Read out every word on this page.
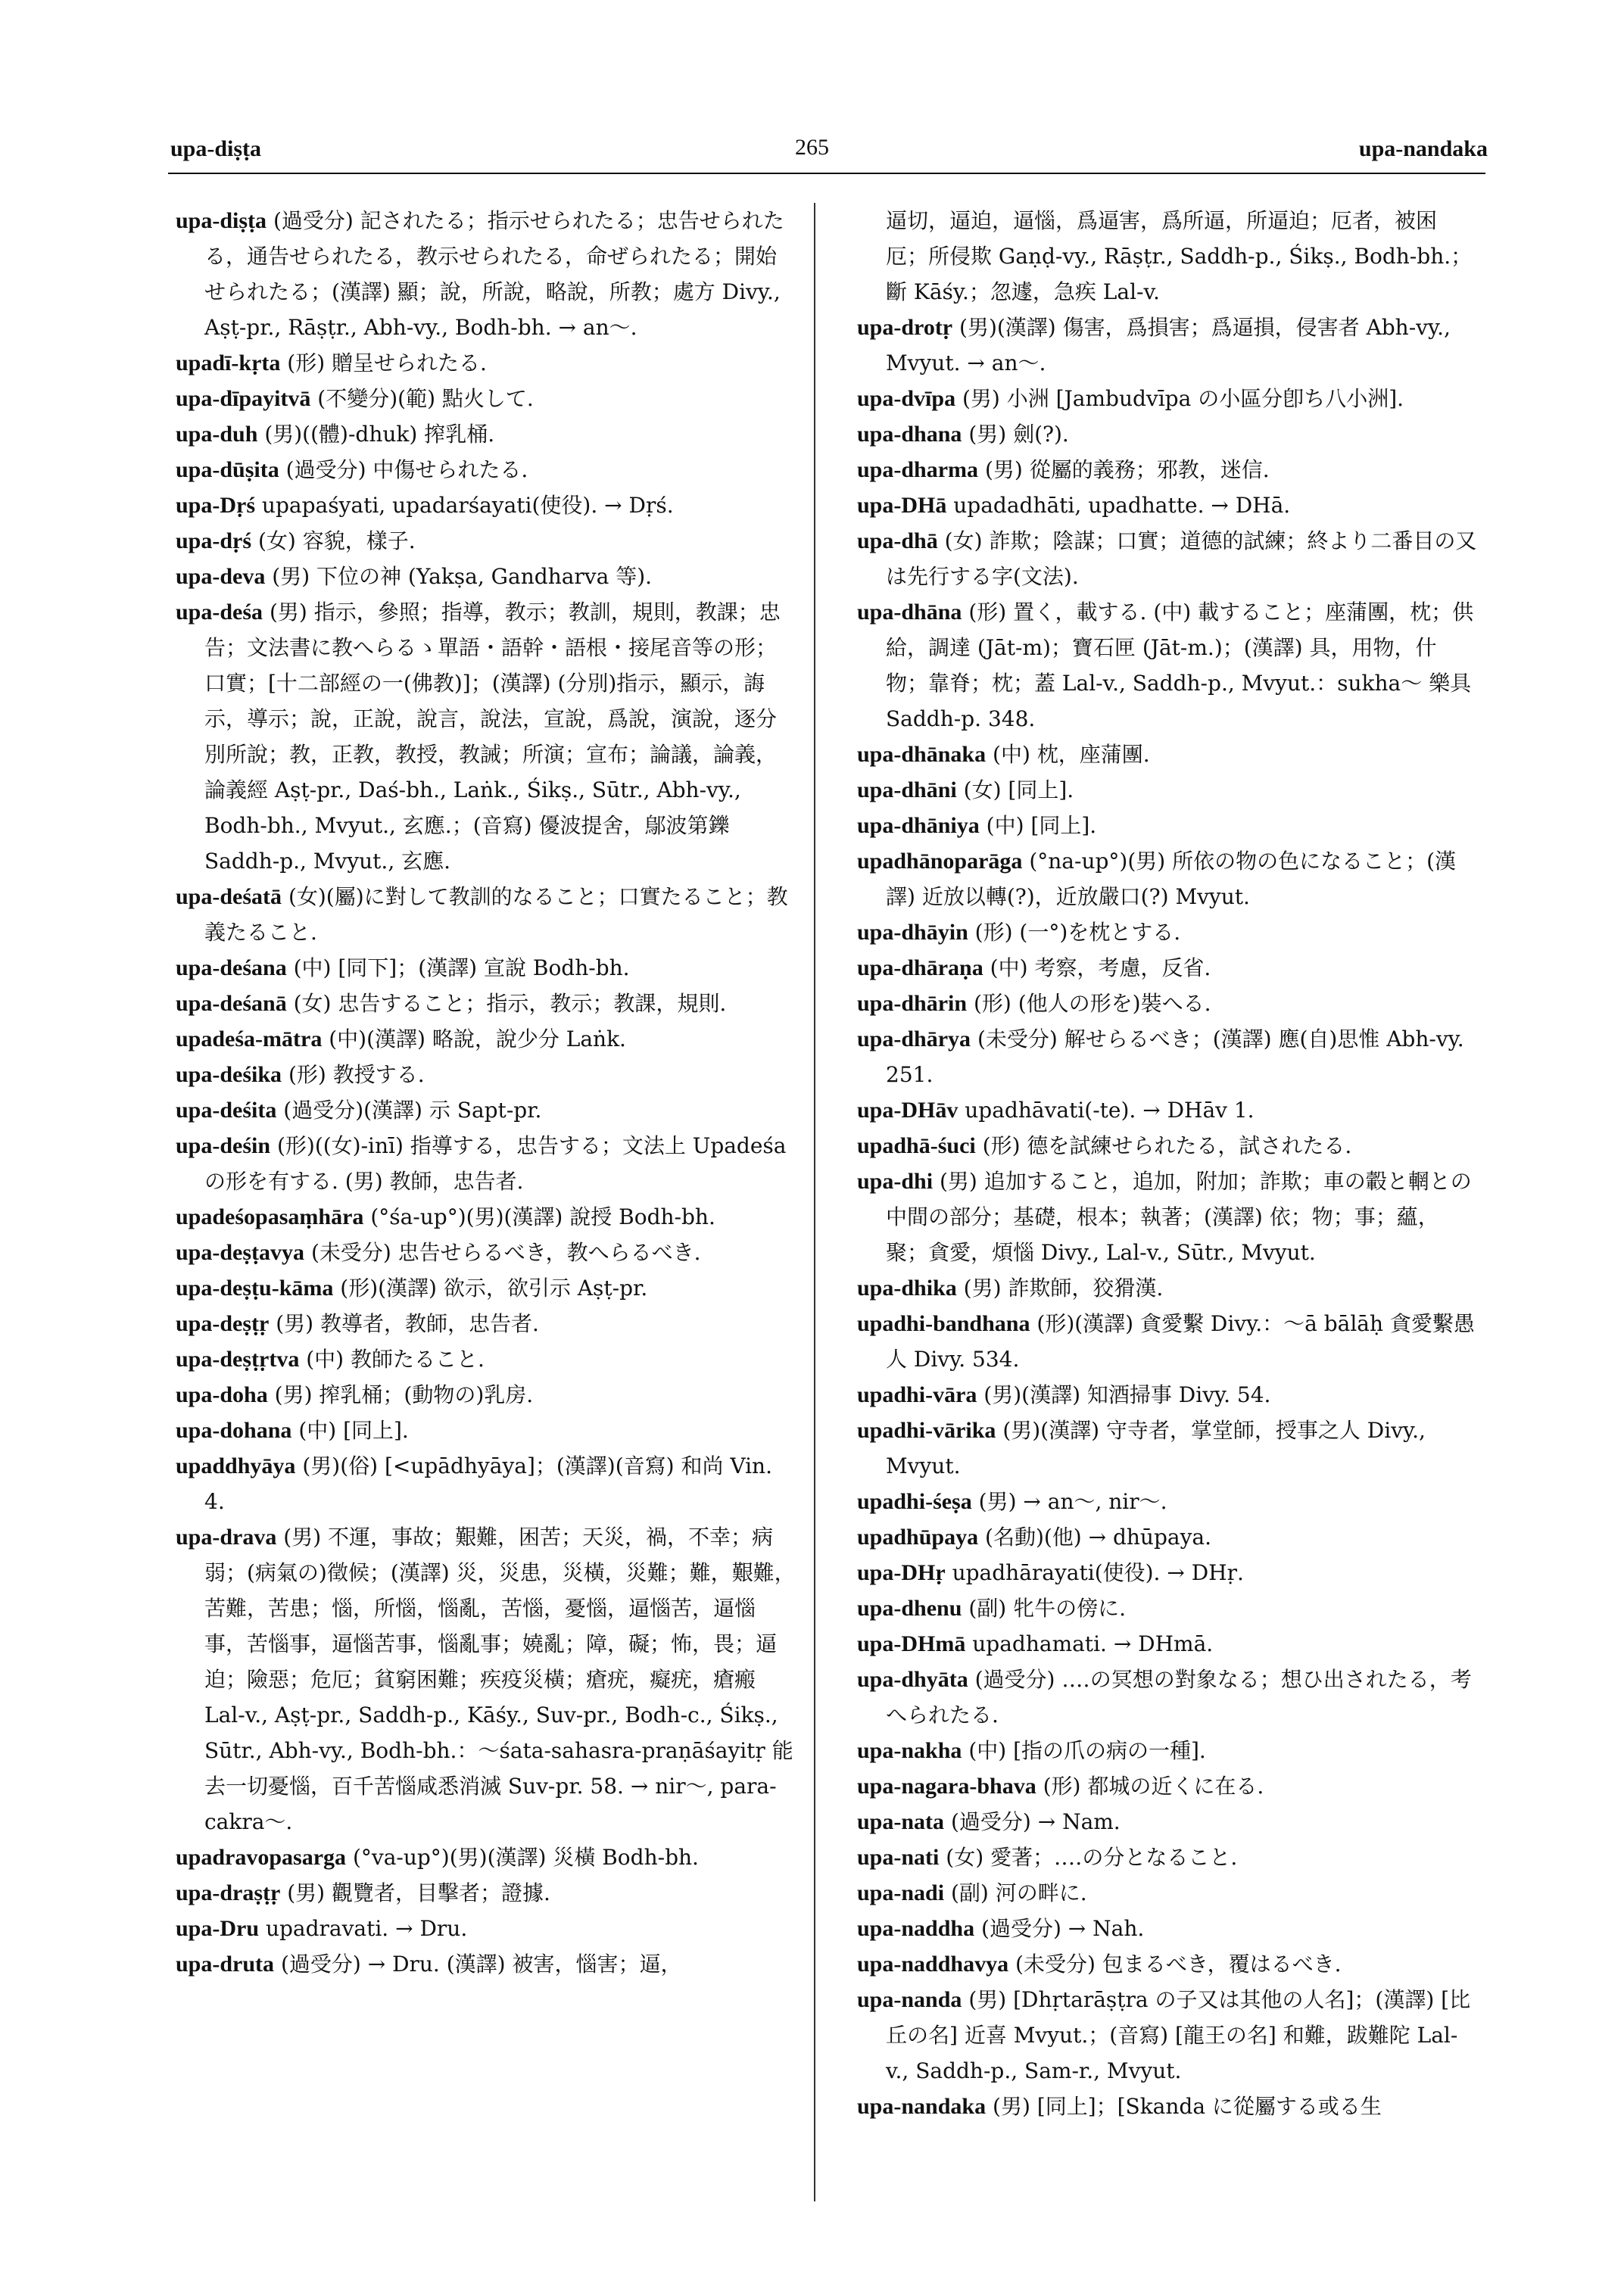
upa-diṣṭa	265	upa-nandaka

upa-diṣṭa (過受分) 記されたる；指示せられたる；忠告せられたる，通告せられたる，教示せられたる，命ぜられたる；開始せられたる；(漢譯) 顯；說，所說，略說，所教；處方 Divy., Aṣṭ-pr., Rāṣṭr., Abh-vy., Bodh-bh. → an〜.

upadī-kṛta (形) 贈呈せられたる.

upa-dīpayitvā (不變分)(範) 點火して.

upa-duh (男)((體)-dhuk) 搾乳桶.

upa-dūṣita (過受分) 中傷せられたる.

upa-Dṛś upapaśyati, upadarśayati(使役). → Dṛś.

upa-dṛś (女) 容貌，樣子.

upa-deva (男) 下位の神 (Yakṣa, Gandharva 等).

upa-deśa (男) 指示，參照；指導，教示；教訓，規則，教課；忠告；文法書に教へらるゝ單語・語幹・語根・接尾音等の形；口實；[十二部經の一(佛教)]；(漢譯) (分別)指示，顯示，誨示，導示；說，正說，說言，說法，宣說，爲說，演說，逐分別所說；教，正教，教授，教誡；所演；宣布；論議，論義，論義經 Aṣṭ-pr., Daś-bh., Laṅk., Śikṣ., Sūtr., Abh-vy., Bodh-bh., Mvyut., 玄應.；(音寫) 優波提舍，鄔波第鑠 Saddh-p., Mvyut., 玄應.

upa-deśatā (女)(屬)に對して教訓的なること；口實たること；教義たること.

upa-deśana (中) [同下]；(漢譯) 宣說 Bodh-bh.

upa-deśanā (女) 忠告すること；指示，教示；教課，規則.

upadeśa-mātra (中)(漢譯) 略說，說少分 Laṅk.

upa-deśika (形) 教授する.

upa-deśita (過受分)(漢譯) 示 Sapt-pr.

upa-deśin (形)((女)-inī) 指導する，忠告する；文法上 Upadeśa の形を有する. (男) 教師，忠告者.

upadeśopasaṃhāra (°śa-up°)(男)(漢譯) 說授 Bodh-bh.

upa-deṣṭavya (未受分) 忠告せらるべき，教へらるべき.

upa-deṣṭu-kāma (形)(漢譯) 欲示，欲引示 Aṣṭ-pr.

upa-deṣṭṛ (男) 教導者，教師，忠告者.

upa-deṣṭṛtva (中) 教師たること.

upa-doha (男) 搾乳桶；(動物の)乳房.

upa-dohana (中) [同上].

upaddhyāya (男)(俗) [<upādhyāya]；(漢譯)(音寫) 和尚 Vin. 4.

upa-drava (男) 不運，事故；艱難，困苦；天災，禍，不幸；病弱；(病氣の)徵候；(漢譯) 災，災患，災橫，災難；難，艱難，苦難，苦患；惱，所惱，惱亂，苦惱，憂惱，逼惱苦，逼惱事，苦惱事，逼惱苦事，惱亂事；嬈亂；障，礙；怖，畏；逼迫；險惡；危厄；貧窮困難；疾疫災橫；瘡疣，癡疣，瘡瘢 Lal-v., Aṣṭ-pr., Saddh-p., Kāśy., Suv-pr., Bodh-c., Śikṣ., Sūtr., Abh-vy., Bodh-bh.：〜śata-sahasra-praṇāśayitṛ 能去一切憂惱，百千苦惱咸悉消滅 Suv-pr. 58. → nir〜, para-cakra〜.

upadravopasarga (°va-up°)(男)(漢譯) 災橫 Bodh-bh.

upa-draṣṭṛ (男) 觀覽者，目擊者；證據.

upa-Dru upadravati. → Dru.

upa-druta (過受分) → Dru. (漢譯) 被害，惱害；逼，

逼切，逼迫，逼惱，爲逼害，爲所逼，所逼迫；厄者，被困厄；所侵欺 Gaṇḍ-vy., Rāṣṭr., Saddh-p., Śikṣ., Bodh-bh.；斷 Kāśy.；忽遽，急疾 Lal-v.

upa-drotṛ (男)(漢譯) 傷害，爲損害；爲逼損，侵害者 Abh-vy., Mvyut. → an〜.

upa-dvīpa (男) 小洲 [Jambudvīpa の小區分卽ち八小洲].

upa-dhana (男) 劍(?).

upa-dharma (男) 從屬的義務；邪教，迷信.

upa-DHā upadadhāti, upadhatte. → DHā.

upa-dhā (女) 詐欺；陰謀；口實；道德的試練；終より二番目の又は先行する字(文法).

upa-dhāna (形) 置く，載する. (中) 載すること；座蒲團，枕；供給，調達 (Jāt-m)；寶石匣 (Jāt-m.)；(漢譯) 具，用物，什物；靠脊；枕；蓋 Lal-v., Saddh-p., Mvyut.：sukha〜 樂具 Saddh-p. 348.

upa-dhānaka (中) 枕，座蒲團.

upa-dhāni (女) [同上].

upa-dhāniya (中) [同上].

upadhānoparāga (°na-up°)(男) 所依の物の色になること；(漢譯) 近放以轉(?)，近放嚴口(?) Mvyut.

upa-dhāyin (形) (一°)を枕とする.

upa-dhāraṇa (中) 考察，考慮，反省.

upa-dhārin (形) (他人の形を)裝へる.

upa-dhārya (未受分) 解せらるべき；(漢譯) 應(自)思惟 Abh-vy. 251.

upa-DHāv upadhāvati(-te). → DHāv 1.

upadhā-śuci (形) 德を試練せられたる，試されたる.

upa-dhi (男) 追加すること，追加，附加；詐欺；車の轂と輞との中間の部分；基礎，根本；執著；(漢譯) 依；物；事；蘊，聚；貪愛，煩惱 Divy., Lal-v., Sūtr., Mvyut.

upa-dhika (男) 詐欺師，狡猾漢.

upadhi-bandhana (形)(漢譯) 貪愛繫 Divy.：〜ā bālāḥ 貪愛繫愚人 Divy. 534.

upadhi-vāra (男)(漢譯) 知酒掃事 Divy. 54.

upadhi-vārika (男)(漢譯) 守寺者，掌堂師，授事之人 Divy., Mvyut.

upadhi-śeṣa (男) → an〜, nir〜.

upadhūpaya (名動)(他) → dhūpaya.

upa-DHṛ upadhārayati(使役). → DHṛ.

upa-dhenu (副) 牝牛の傍に.

upa-DHmā upadhamati. → DHmā.

upa-dhyāta (過受分) ‥‥の冥想の對象なる；想ひ出されたる，考へられたる.

upa-nakha (中) [指の爪の病の一種].

upa-nagara-bhava (形) 都城の近くに在る.

upa-nata (過受分) → Nam.

upa-nati (女) 愛著；‥‥の分となること.

upa-nadi (副) 河の畔に.

upa-naddha (過受分) → Nah.

upa-naddhavya (未受分) 包まるべき，覆はるべき.

upa-nanda (男) [Dhṛtarāṣṭra の子又は其他の人名]；(漢譯) [比丘の名] 近喜 Mvyut.；(音寫) [龍王の名] 和難，跋難陀 Lal-v., Saddh-p., Sam-r., Mvyut.

upa-nandaka (男) [同上]；[Skanda に從屬する或る生
